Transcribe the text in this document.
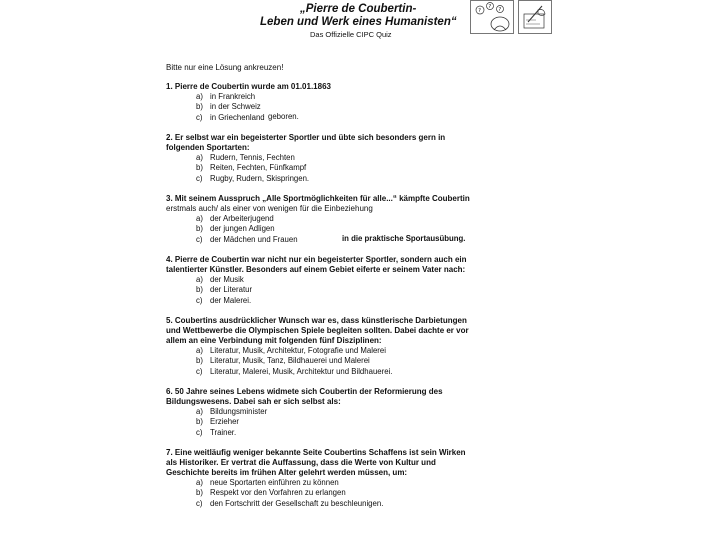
„Pierre de Coubertin-
Leben und Werk eines Humanisten“
Das Offizielle CIPC Quiz
?
? ?
Bitte nur eine Lösung ankreuzen!
1. Pierre de Coubertin wurde am 01.01.1863
a) in Frankreich
b) in der Schweiz
c) in Griechenland geboren.
2. Er selbst war ein begeisterter Sportler und übte sich besonders gern in
folgenden Sportarten:
a) Rudern, Tennis, Fechten
b) Reiten, Fechten, Fünfkampf
c) Rugby, Rudern, Skispringen.
3. Mit seinem Ausspruch „Alle Sportmöglichkeiten für alle...“ kämpfte Coubertin
erstmals auch/ als einer von wenigen für die Einbeziehung
a) der Arbeiterjugend
b) der jungen Adligen
c) der Mädchen und Frauen	in die praktische Sportausübung.
4. Pierre de Coubertin war nicht nur ein begeisterter Sportler, sondern auch ein
talentierter Künstler. Besonders auf einem Gebiet eiferte er seinem Vater nach:
a) der Musik
b) der Literatur
c) der Malerei.
5. Coubertins ausdrücklicher Wunsch war es, dass künstlerische Darbietungen
und Wettbewerbe die Olympischen Spiele begleiten sollten. Dabei dachte er vor
allem an eine Verbindung mit folgenden fünf Disziplinen:
a) Literatur, Musik, Architektur, Fotografie und Malerei
b) Literatur, Musik, Tanz, Bildhauerei und Malerei
c) Literatur, Malerei, Musik, Architektur und Bildhauerei.
6. 50 Jahre seines Lebens widmete sich Coubertin der Reformierung des
Bildungswesens. Dabei sah er sich selbst als:
a) Bildungsminister
b) Erzieher
c) Trainer.
7. Eine weitläufig weniger bekannte Seite Coubertins Schaffens ist sein Wirken
als Historiker. Er vertrat die Auffassung, dass die Werte von Kultur und
Geschichte bereits im frühen Alter gelehrt werden müssen, um:
a) neue Sportarten einführen zu können
b) Respekt vor den Vorfahren zu erlangen
c) den Fortschritt der Gesellschaft zu beschleunigen.
